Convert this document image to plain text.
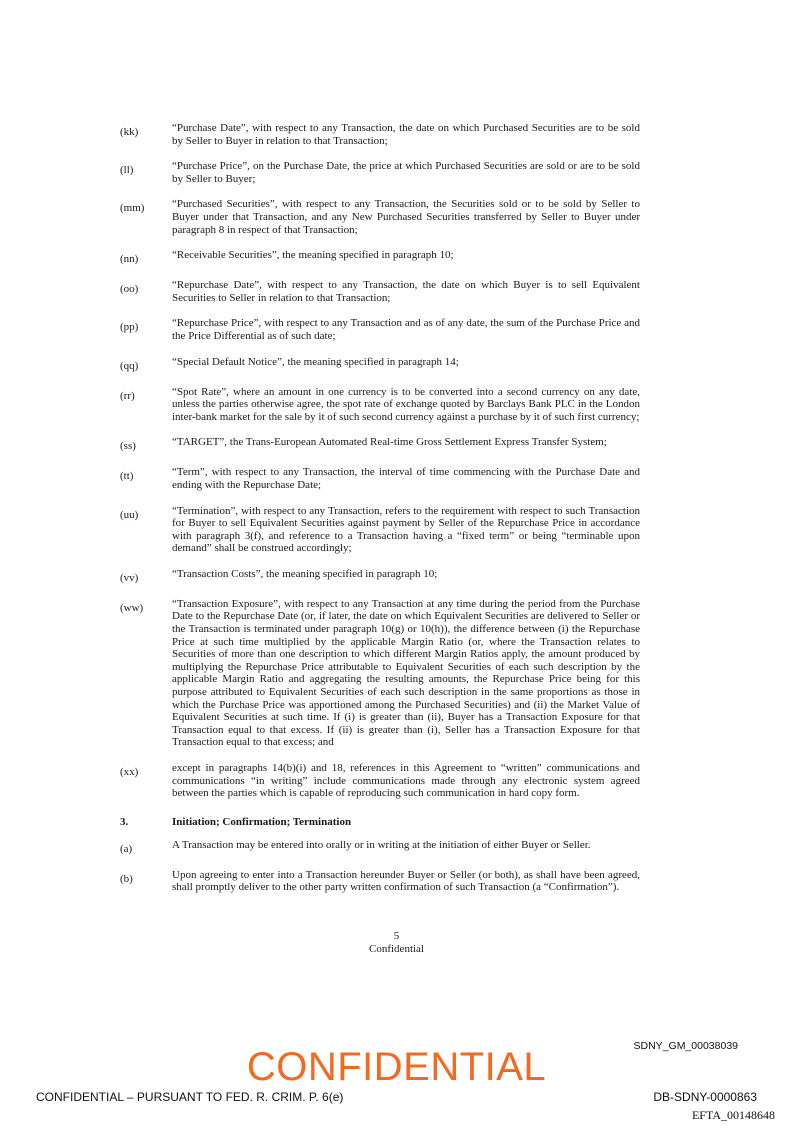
(kk)	“Purchase Date”, with respect to any Transaction, the date on which Purchased Securities are to be sold by Seller to Buyer in relation to that Transaction;
(ll)	“Purchase Price”, on the Purchase Date, the price at which Purchased Securities are sold or are to be sold by Seller to Buyer;
(mm)	“Purchased Securities”, with respect to any Transaction, the Securities sold or to be sold by Seller to Buyer under that Transaction, and any New Purchased Securities transferred by Seller to Buyer under paragraph 8 in respect of that Transaction;
(nn)	“Receivable Securities”, the meaning specified in paragraph 10;
(oo)	“Repurchase Date”, with respect to any Transaction, the date on which Buyer is to sell Equivalent Securities to Seller in relation to that Transaction;
(pp)	“Repurchase Price”, with respect to any Transaction and as of any date, the sum of the Purchase Price and the Price Differential as of such date;
(qq)	“Special Default Notice”, the meaning specified in paragraph 14;
(rr)	“Spot Rate”, where an amount in one currency is to be converted into a second currency on any date, unless the parties otherwise agree, the spot rate of exchange quoted by Barclays Bank PLC in the London inter-bank market for the sale by it of such second currency against a purchase by it of such first currency;
(ss)	“TARGET”, the Trans-European Automated Real-time Gross Settlement Express Transfer System;
(tt)	“Term”, with respect to any Transaction, the interval of time commencing with the Purchase Date and ending with the Repurchase Date;
(uu)	“Termination”, with respect to any Transaction, refers to the requirement with respect to such Transaction for Buyer to sell Equivalent Securities against payment by Seller of the Repurchase Price in accordance with paragraph 3(f), and reference to a Transaction having a “fixed term” or being “terminable upon demand” shall be construed accordingly;
(vv)	“Transaction Costs”, the meaning specified in paragraph 10;
(ww)	“Transaction Exposure”, with respect to any Transaction at any time during the period from the Purchase Date to the Repurchase Date (or, if later, the date on which Equivalent Securities are delivered to Seller or the Transaction is terminated under paragraph 10(g) or 10(h)), the difference between (i) the Repurchase Price at such time multiplied by the applicable Margin Ratio (or, where the Transaction relates to Securities of more than one description to which different Margin Ratios apply, the amount produced by multiplying the Repurchase Price attributable to Equivalent Securities of each such description by the applicable Margin Ratio and aggregating the resulting amounts, the Repurchase Price being for this purpose attributed to Equivalent Securities of each such description in the same proportions as those in which the Purchase Price was apportioned among the Purchased Securities) and (ii) the Market Value of Equivalent Securities at such time. If (i) is greater than (ii), Buyer has a Transaction Exposure for that Transaction equal to that excess. If (ii) is greater than (i), Seller has a Transaction Exposure for that Transaction equal to that excess; and
(xx)	except in paragraphs 14(b)(i) and 18, references in this Agreement to “written” communications and communications “in writing” include communications made through any electronic system agreed between the parties which is capable of reproducing such communication in hard copy form.
3.	Initiation; Confirmation; Termination
(a)	A Transaction may be entered into orally or in writing at the initiation of either Buyer or Seller.
(b)	Upon agreeing to enter into a Transaction hereunder Buyer or Seller (or both), as shall have been agreed, shall promptly deliver to the other party written confirmation of such Transaction (a “Confirmation”).
5
Confidential
SDNY_GM_00038039
CONFIDENTIAL
CONFIDENTIAL – PURSUANT TO FED. R. CRIM. P. 6(e)	DB-SDNY-0000863
EFTA_00148648
